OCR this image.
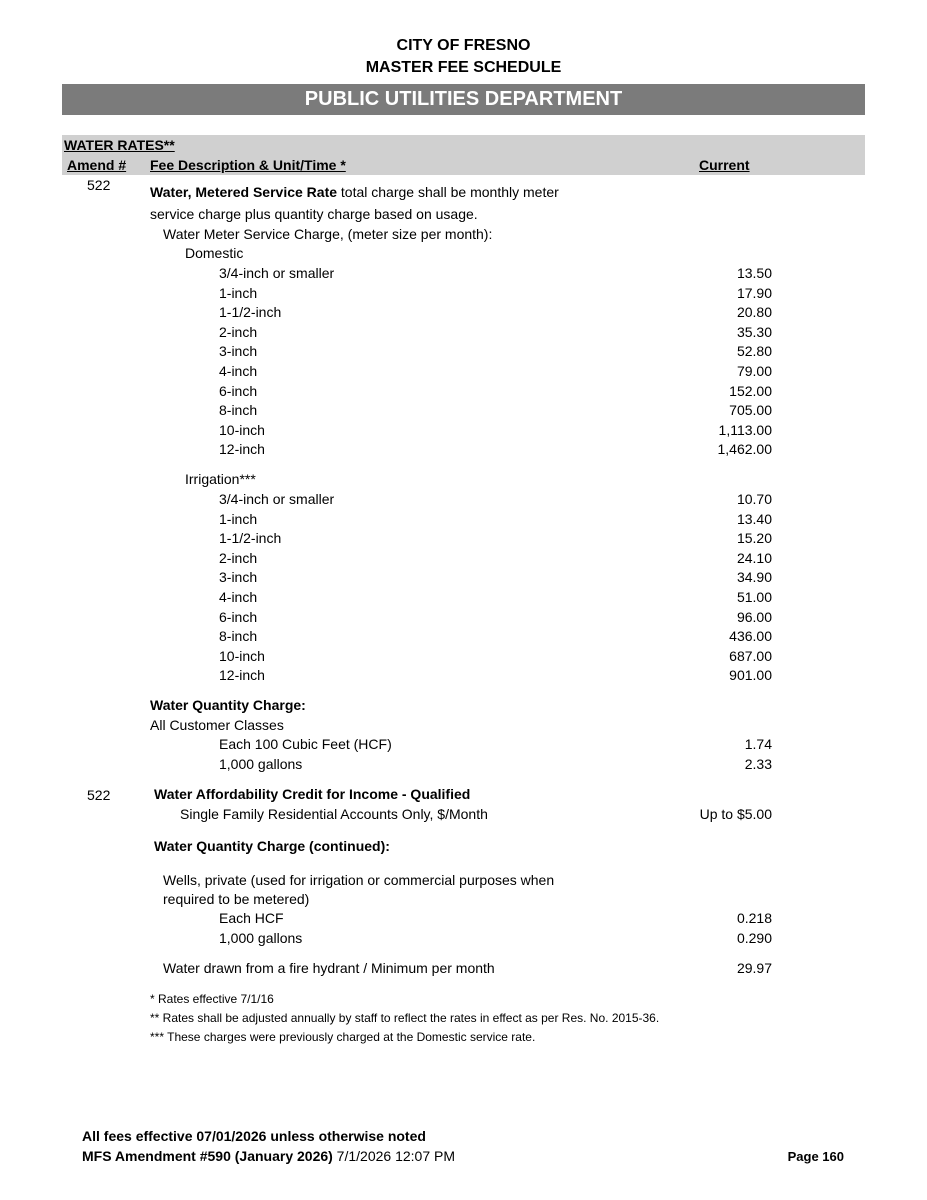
CITY OF FRESNO
MASTER FEE SCHEDULE
PUBLIC UTILITIES DEPARTMENT
WATER RATES**
Amend # Fee Description & Unit/Time *	Current
522	Water, Metered Service Rate total charge shall be monthly meter
service charge plus quantity charge based on usage.
Water Meter Service Charge, (meter size per month):
Domestic
3/4-inch or smaller	13.50
1-inch	17.90
1-1/2-inch	20.80
2-inch	35.30
3-inch	52.80
4-inch	79.00
6-inch	152.00
8-inch	705.00
10-inch	1,113.00
12-inch	1,462.00
Irrigation***
3/4-inch or smaller	10.70
1-inch	13.40
1-1/2-inch	15.20
2-inch	24.10
3-inch	34.90
4-inch	51.00
6-inch	96.00
8-inch	436.00
10-inch	687.00
12-inch	901.00
Water Quantity Charge:
All Customer Classes
Each 100 Cubic Feet (HCF)	1.74
1,000 gallons	2.33
522	Water Affordability Credit for Income - Qualified
Single Family Residential Accounts Only, $/Month	Up to $5.00
Water Quantity Charge (continued):
Wells, private (used for irrigation or commercial purposes when
required to be metered)
Each HCF	0.218
1,000 gallons	0.290
Water drawn from a fire hydrant / Minimum per month	29.97
* Rates effective 7/1/16
** Rates shall be adjusted annually by staff to reflect the rates in effect as per Res. No. 2015-36.
*** These charges were previously charged at the Domestic service rate.
All fees effective 07/01/2026 unless otherwise noted
MFS Amendment #590 (January 2026) 7/1/2026 12:07 PM	Page 160
